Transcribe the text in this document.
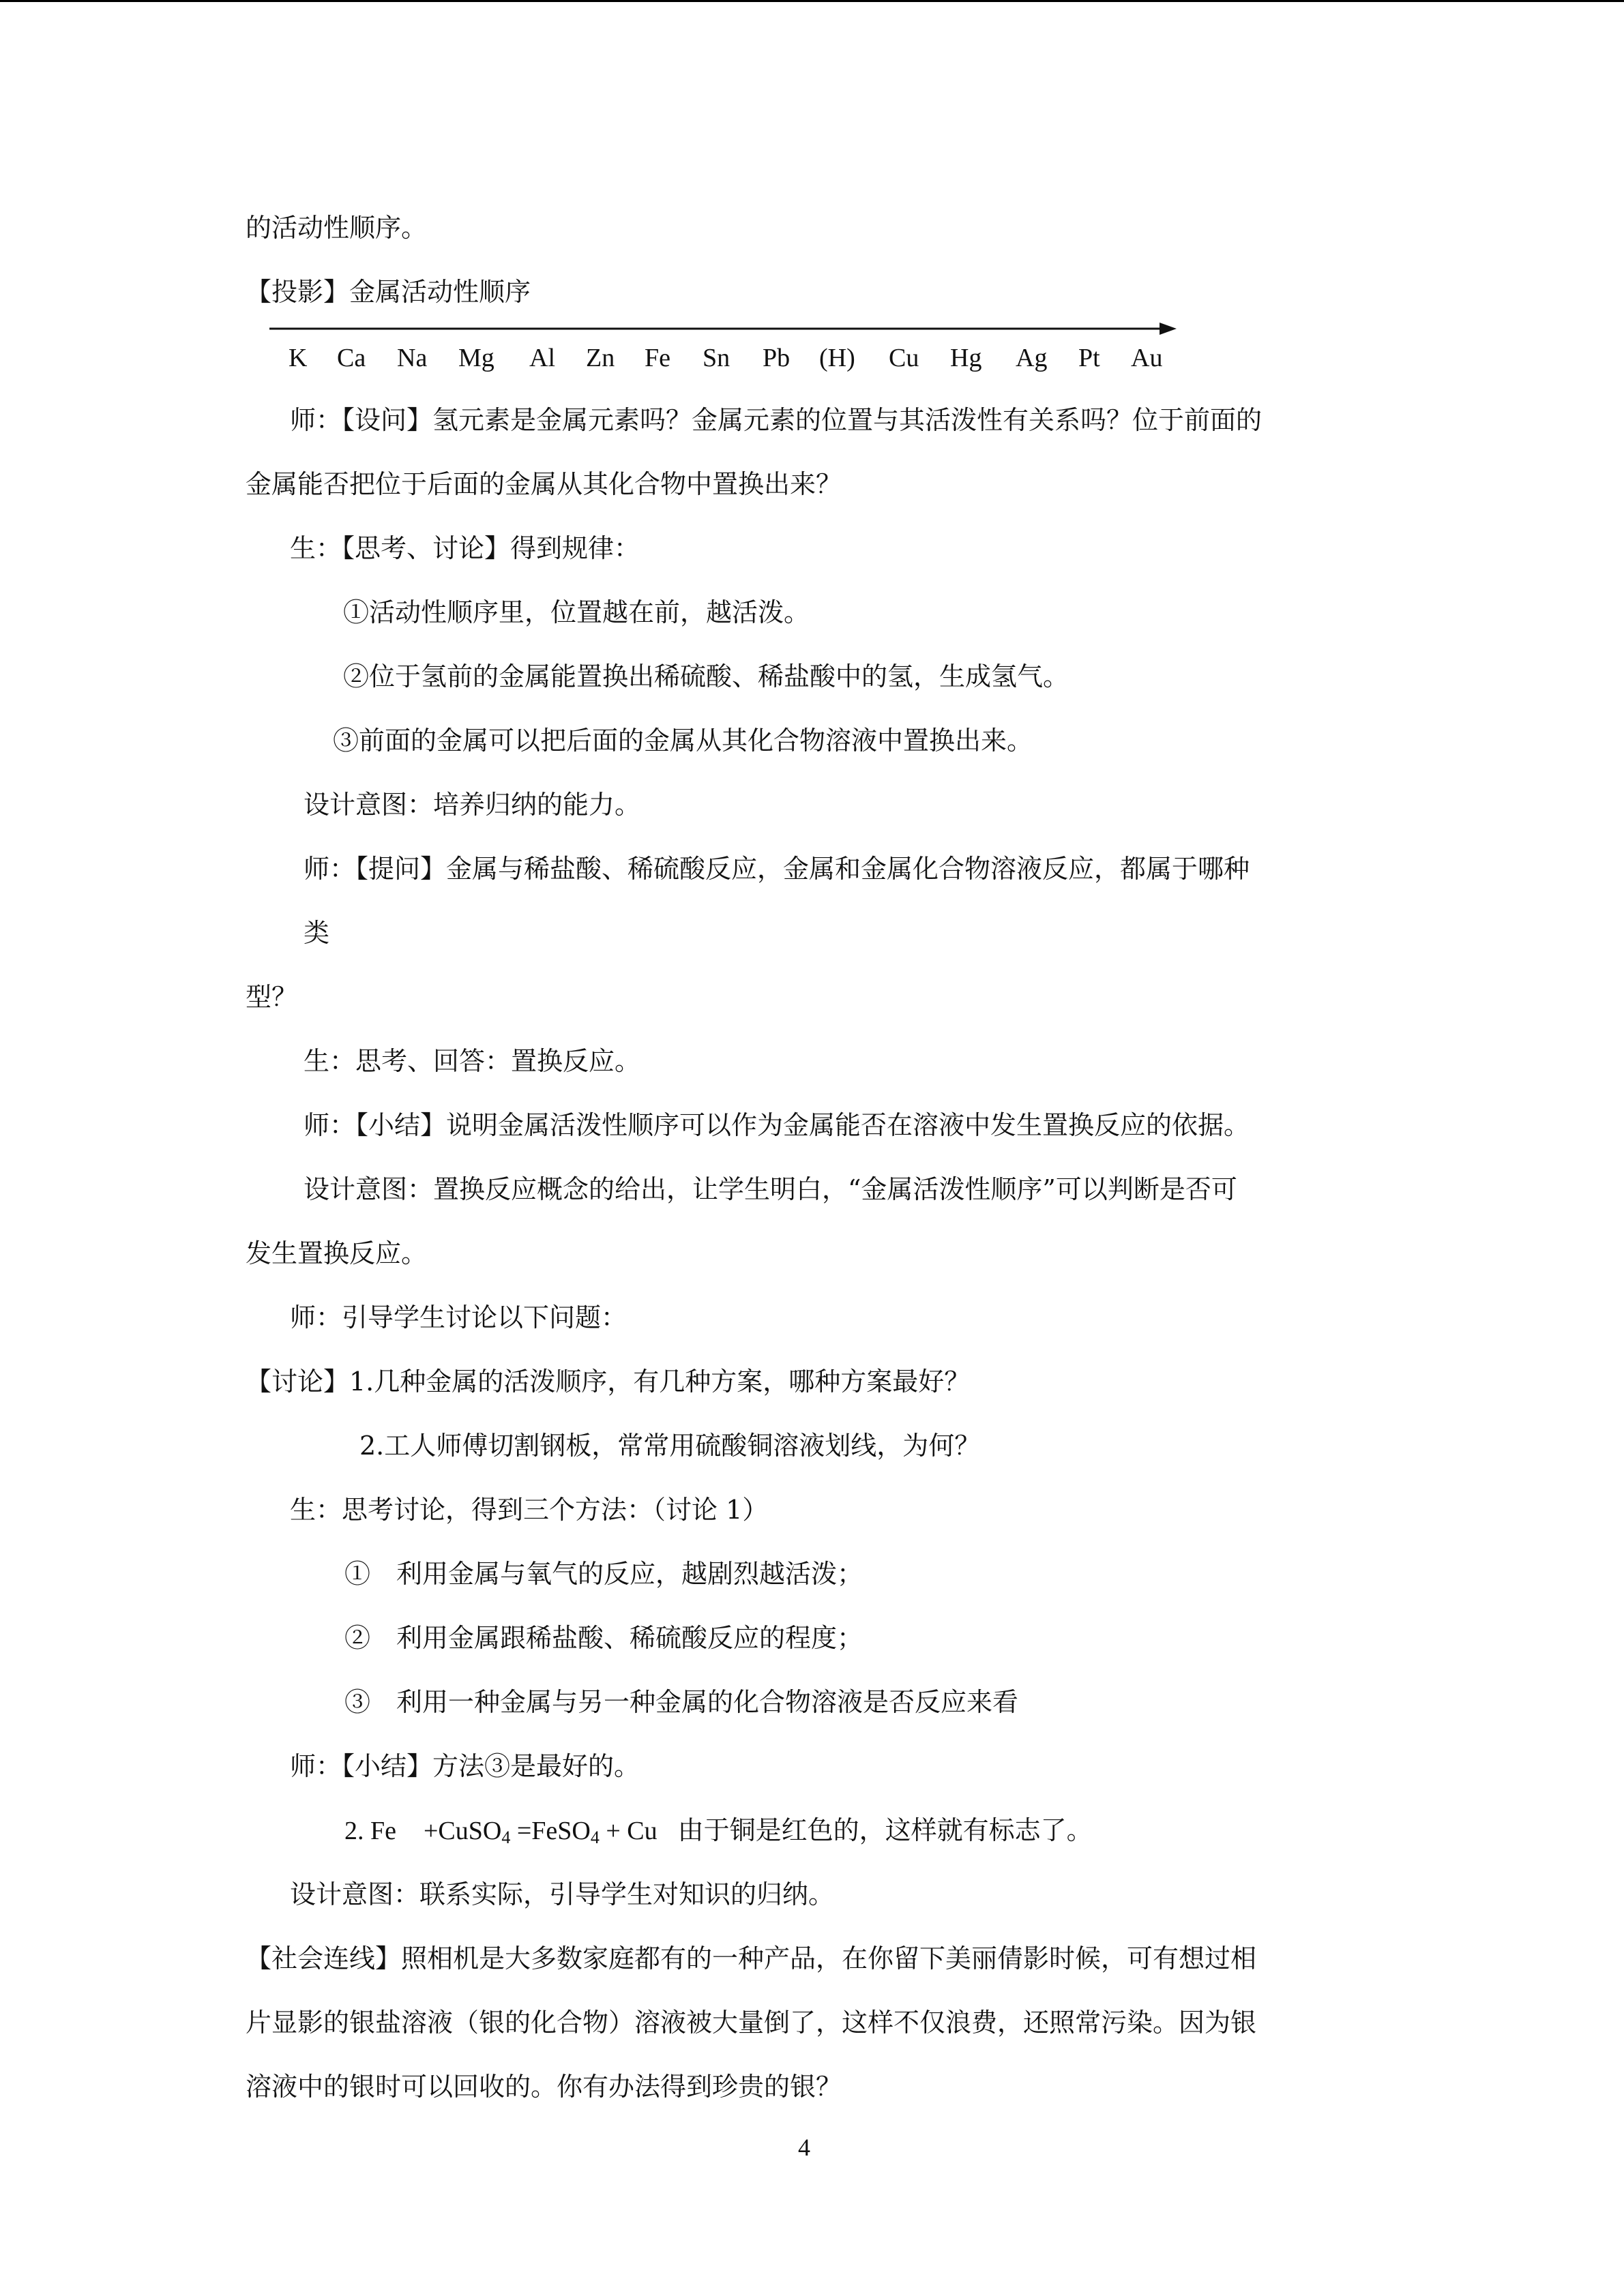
的活动性顺序。
【投影】金属活动性顺序
K Ca Na Mg Al Zn Fe Sn Pb (H) Cu Hg Ag Pt Au
师：【设问】氢元素是金属元素吗？金属元素的位置与其活泼性有关系吗？位于前面的
金属能否把位于后面的金属从其化合物中置换出来？
生：【思考、讨论】得到规律：
①活动性顺序里，位置越在前，越活泼。
②位于氢前的金属能置换出稀硫酸、稀盐酸中的氢，生成氢气。
③前面的金属可以把后面的金属从其化合物溶液中置换出来。
设计意图：培养归纳的能力。
师：【提问】金属与稀盐酸、稀硫酸反应，金属和金属化合物溶液反应，都属于哪种
类
型？
生：思考、回答：置换反应。
师：【小结】说明金属活泼性顺序可以作为金属能否在溶液中发生置换反应的依据。
设计意图：置换反应概念的给出，让学生明白，“金属活泼性顺序”可以判断是否可
发生置换反应。
师：引导学生讨论以下问题：
【讨论】1.几种金属的活泼顺序，有几种方案，哪种方案最好？
2.工人师傅切割钢板，常常用硫酸铜溶液划线，为何？
生：思考讨论，得到三个方法：（讨论 1）
①　利用金属与氧气的反应，越剧烈越活泼；
②　利用金属跟稀盐酸、稀硫酸反应的程度；
③　利用一种金属与另一种金属的化合物溶液是否反应来看
师：【小结】方法③是最好的。
2. Fe +CuSO$_4$ =FeSO$_4$ + Cu 由于铜是红色的，这样就有标志了。
设计意图：联系实际，引导学生对知识的归纳。
【社会连线】照相机是大多数家庭都有的一种产品，在你留下美丽倩影时候，可有想过相
片显影的银盐溶液（银的化合物）溶液被大量倒了，这样不仅浪费，还照常污染。因为银
溶液中的银时可以回收的。你有办法得到珍贵的银？
4
